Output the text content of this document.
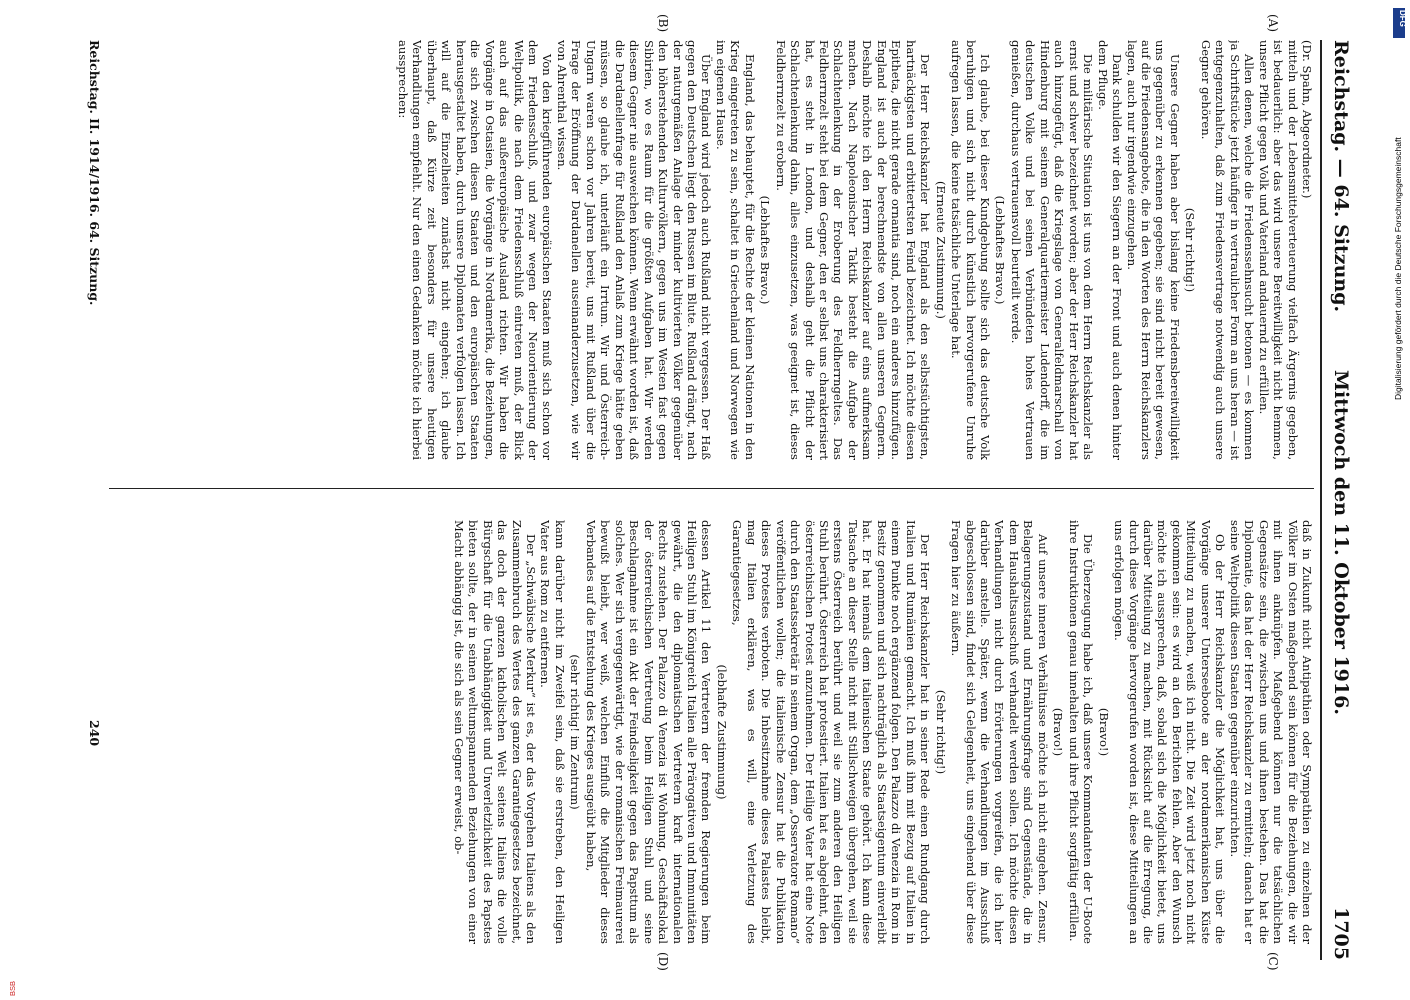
Reichstag. — 64. Sitzung.
Mittwoch den 11. Oktober 1916.
1705

(Dr. Spahn, Abgeordneter.)

mitteln und der Lebensmittelverteuerung vielfach Ärgernis gegeben, ist bedauerlich: aber das wird unsere Bereitwilligkeit nicht hemmen, unsere Pflicht gegen Volk und Vaterland andauernd zu erfüllen.

Allen denen, welche die Friedenssehnsucht betonen — es kommen ja Schriftstücke jetzt häufiger in vertraulicher Form an uns heran — ist entgegenzuhalten, daß zum Friedensvertrage notwendig auch unsere Gegner gehören.

(Sehr richtig!)

Unsere Gegner haben aber bislang keine Friedensbereitwilligkeit uns gegenüber zu erkennen gegeben; sie sind nicht bereit gewesen, auf die Friedensangebote, die in den Worten des Herrn Reichskanzlers lagen, auch nur irgendwie einzugehen.

Dank schulden wir den Siegern an der Front und auch denen hinter dem Pfluge.

Die militärische Situation ist uns von dem Herrn Reichskanzler als ernst und schwer bezeichnet worden; aber der Herr Reichskanzler hat auch hinzugefügt, daß die Kriegslage von Generalfeldmarschall von Hindenburg mit seinem Generalquartiermeister Ludendorff, die im deutschen Volke und bei seinen Verbündeten hohes Vertrauen genießen, durchaus vertrauensvoll beurteilt werde.

(Lebhaftes Bravo.)

Ich glaube, bei dieser Kundgebung sollte sich das deutsche Volk beruhigen und sich nicht durch künstlich hervorgerufene Unruhe aufregen lassen, die keine tatsächliche Unterlage hat.

(Erneute Zustimmung.)

Der Herr Reichskanzler hat England als den selbstsüchtigsten, hartnäckigsten und erbittertsten Feind bezeichnet. Ich möchte diesen Epitheta, die nicht gerade ornantia sind, noch ein anderes hinzufügen. England ist auch der berechnendste von allen unseren Gegnern. Deshalb möchte ich den Herrn Reichskanzler auf eins aufmerksam machen. Nach Napoleonischer Taktik besteht die Aufgabe der Schlachtenlenkung in der Eroberung des Feldherrngeltes. Das Feldherrnzelt steht bei dem Gegner, den er selbst uns charakterisiert hat, es steht in London, und deshalb geht die Pflicht der Schlachtenlenkung dahin, alles einzusetzen, was geeignet ist, dieses Feldherrnzelt zu erobern.

(Lebhaftes Bravo.)

England, das behauptet, für die Rechte der kleinen Nationen in den Krieg eingetreten zu sein, schaltet in Griechenland und Norwegen wie im eigenen Hause.

Über England wird jedoch auch Rußland nicht vergessen. Der Haß gegen den Deutschen liegt den Russen im Blute. Rußland drängt, nach der naturgemäßen Anlage der minder kultivierten Völker gegenüber den höherstehenden Kulturvölkern, gegen uns im Westen fast gegen Sibirien, wo es Raum für die größten Aufgaben hat. Wir werden diesem Gegner nie ausweichen können. Wenn erwähnt worden ist, daß die Dardanellenfrage für Rußland den Anlaß zum Kriege hätte geben müssen, so glaube ich, unterläuft ein Irrtum. Wir und Österreich-Ungarn waren schon vor Jahren bereit, uns mit Rußland über die Frage der Eröffnung der Dardanellen auseinanderzusetzen, wie wir von Ahrenthal wissen.

Von den kriegführenden europäischen Staaten muß sich schon vor dem Friedensschluß, und zwar wegen der Neuorientierung der Weltpolitik, die nach dem Friedensschluß eintreten muß, der Blick auch auf das außereuropäische Ausland richten. Wir haben die Vorgänge in Ostasien, die Vorgänge in Nordamerika, die Beziehungen, die sich zwischen diesen Staaten und den europäischen Staaten herausgestaltet haben, durch unsere Diplomaten verfolgen lassen. Ich will auf die Einzelheiten zunächst nicht eingehen; ich glaube überhaupt, daß Kürze zeit besonders für unsere heutigen Verhandlungen empfiehlt. Nur den einen Gedanken möchte ich hierbei aussprechen:

daß in Zukunft nicht Antipathien oder Sympathien zu einzelnen der Völker im Osten maßgebend sein können für die Beziehungen, die wir mit ihnen anknüpfen. Maßgebend können nur die tatsächlichen Gegensätze sein, die zwischen uns und ihnen bestehen. Das hat die Diplomatie, das hat der Herr Reichskanzler zu ermitteln; danach hat er seine Weltpolitik diesen Staaten gegenüber einzurichten.

Ob der Herr Reichskanzler die Möglichkeit hat, uns über die Vorgänge unserer Unterseeboote an der nordamerikanischen Küste Mitteilung zu machen, weiß ich nicht. Die Zeit wird jetzt noch nicht gekommen sein: es wird an den Berichten fehlen. Aber den Wunsch möchte ich aussprechen, daß, sobald sich die Möglichkeit bietet, uns darüber Mitteilung zu machen, mit Rücksicht auf die Erregung, die durch diese Vorgänge hervorgerufen worden ist, diese Mitteilungen an uns erfolgen mögen.

(Bravo!)

Die Überzeugung habe ich, daß unsere Kommandanten der U-Boote ihre Instruktionen genau innehalten und ihre Pflicht sorgfältig erfüllen.

(Bravo!)

Auf unsere inneren Verhältnisse möchte ich nicht eingehen. Zensur, Belagerungszustand und Ernährungsfrage sind Gegenstände, die in dem Haushaltsausschuß verhandelt werden sollen. Ich möchte diesen Verhandlungen nicht durch Erörterungen vorgreifen, die ich hier darüber anstelle. Später, wenn die Verhandlungen im Ausschuß abgeschlossen sind, findet sich Gelegenheit, uns eingehend über diese Fragen hier zu äußern.

(Sehr richtig!)

Der Herr Reichskanzler hat in seiner Rede einen Rundgang durch Italien und Rumänien gemacht. Ich muß ihm mit Bezug auf Italien in einem Punkte noch ergänzend folgen. Den Palazzo di Venezia in Rom in Besitz genommen und sich nachträglich als Staatseigentum einverleibt hat. Er hat niemals dem italienischen Staate gehört. Ich kann diese Tatsache an dieser Stelle nicht mit Stillschweigen übergehen, weil sie erstens Österreich berührt und weil sie zum anderen den Heiligen Stuhl berührt. Österreich hat protestiert. Italien hat es abgelehnt, den österreichischen Protest anzunehmen. Der Heilige Vater hat eine Note durch den Staatssekretär in seinem Organ, dem „Osservatore Romano“ veröffentlichen wollen; die italienische Zensur hat die Publikation dieses Protestes verboten. Die Inbesitznahme dieses Palastes bleibt, mag Italien erklären, was es will, eine Verletzung des Garantiegesetzes,

(lebhafte Zustimmung)

dessen Artikel 11 den Vertretern der fremden Regierungen beim Heiligen Stuhl im Königreich Italien alle Prärogativen und Immunitäten gewährt, die den diplomatischen Vertretern kraft internationalen Rechts zustehen. Der Palazzo di Venezia ist Wohnung, Geschäftslokal der österreichischen Vertretung beim Heiligen Stuhl und seine Beschlagnahme ist ein Akt der Feindseligkeit gegen das Papsttum als solches. Wer sich vergegenwärtigt, wie der romanischen Freimaurerei bewußt bleibt, wer weiß, welchen Einfluß die Mitglieder dieses Verbandes auf die Entstehung des Krieges ausgeübt haben,

(sehr richtig! im Zentrum)

kann darüber nicht im Zweifel sein, daß sie erstreben, den Heiligen Vater aus Rom zu entfernen.

Der „Schwäbische Merkur“ ist es, der das Vorgehen Italiens als den Zusammenbruch des Wertes des ganzen Garantiegesetzes bezeichnet, das doch der ganzen katholischen Welt seitens Italiens die volle Bürgschaft für die Unabhängigkeit und Unverletzlichkeit des Papstes bieten sollte, der in seinen weltumspannenden Beziehungen von einer Macht abhängig ist, die sich als sein Gegner erweist, ob-

(A)
(B)
(C)
(D)
Reichstag. II. 1914/1916. 64. Sitzung.
240
DFG
Digitalisierung gefördert durch die Deutsche Forschungsgemeinschaft
BSB
